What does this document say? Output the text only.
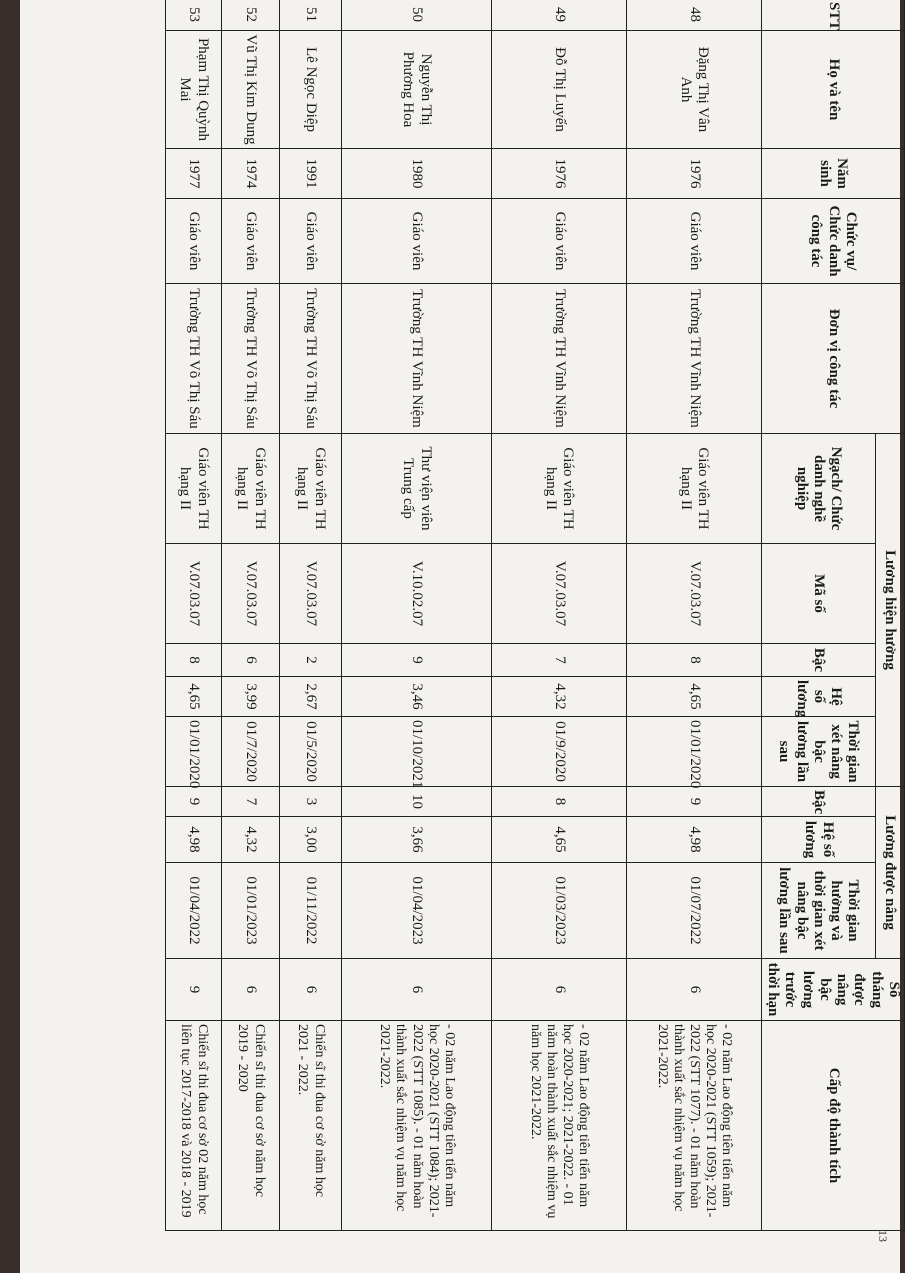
STT	Họ và tên	Năm sinh	Chức vụ/ Chức danh công tác	Đơn vị công tác	Lương hiện hưởng					Lương được nâng			Số tháng được nâng bậc lương trước thời hạn	Cấp độ thành tích
					Ngạch/ Chức danh nghề nghiệp	Mã số	Bậc	Hệ số lương	Thời gian xét nâng bậc lương lần sau	Bậc	Hệ số lương	Thời gian hưởng và thời gian xét nâng bậc lương lần sau		
48	Đặng Thị Vân Anh	1976	Giáo viên	Trường TH Vĩnh Niệm	Giáo viên TH hạng II	V.07.03.07	8	4,65	01/01/2020	9	4,98	01/07/2022	6	- 02 năm Lao động tiên tiến năm học 2020-2021 (STT 1059); 2021-2022 (STT 1077). - 01 năm hoàn thành xuất sắc nhiệm vụ năm học 2021-2022.
49	Đỗ Thị Luyến	1976	Giáo viên	Trường TH Vĩnh Niệm	Giáo viên TH hạng II	V.07.03.07	7	4,32	01/9/2020	8	4,65	01/03/2023	6	- 02 năm Lao động tiên tiến năm học 2020-2021; 2021-2022. - 01 năm hoàn thành xuất sắc nhiệm vụ năm học 2021-2022.
50	Nguyễn Thị Phương Hoa	1980	Giáo viên	Trường TH Vĩnh Niệm	Thư viện viên Trung cấp	V.10.02.07	9	3,46	01/10/2021	10	3,66	01/04/2023	6	- 02 năm Lao động tiên tiến năm học 2020-2021 (STT 1084); 2021-2022 (STT 1085). - 01 năm hoàn thành xuất sắc nhiệm vụ năm học 2021-2022.
51	Lê Ngọc Diệp	1991	Giáo viên	Trường TH Võ Thị Sáu	Giáo viên TH hạng II	V.07.03.07	2	2,67	01/5/2020	3	3,00	01/11/2022	6	Chiến sĩ thi đua cơ sở năm học 2021 - 2022.
52	Vũ Thị Kim Dung	1974	Giáo viên	Trường TH Võ Thị Sáu	Giáo viên TH hạng II	V.07.03.07	6	3,99	01/7/2020	7	4,32	01/01/2023	6	Chiến sĩ thi đua cơ sở năm học 2019 - 2020
53	Phạm Thị Quỳnh Mai	1977	Giáo viên	Trường TH Võ Thị Sáu	Giáo viên TH hạng II	V.07.03.07	8	4,65	01/01/2020	9	4,98	01/04/2022	9	Chiến sĩ thi đua cơ sở 02 năm học liên tục 2017-2018 và 2018 - 2019
13
